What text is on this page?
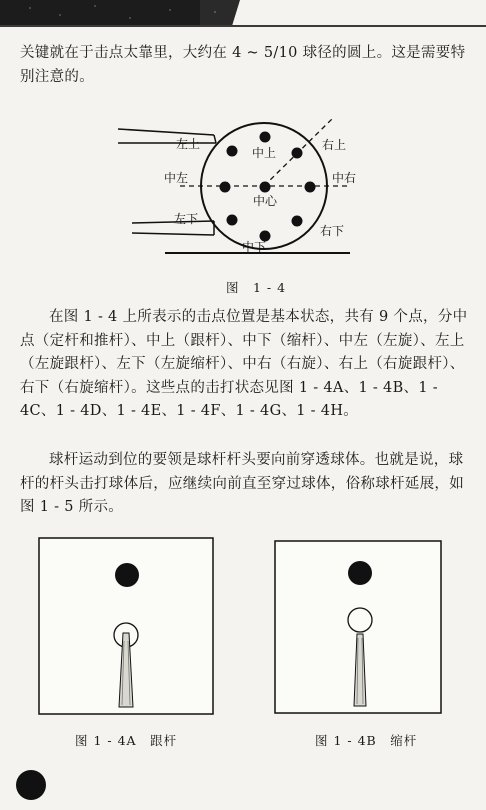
关键就在于击点太靠里，大约在 4 ~ 5/10 球径的圆上。这是需要特别注意的。
左上
中上
右上
中左
中心
中右
左下
中下
右下
图　1 - 4
在图 1 - 4 上所表示的击点位置是基本状态，共有 9 个点，分中点（定杆和推杆）、中上（跟杆）、中下（缩杆）、中左（左旋）、左上（左旋跟杆）、左下（左旋缩杆）、中右（右旋）、右上（右旋跟杆）、右下（右旋缩杆）。这些点的击打状态见图 1 - 4A、1 - 4B、1 - 4C、1 - 4D、1 - 4E、1 - 4F、1 - 4G、1 - 4H。
球杆运动到位的要领是球杆杆头要向前穿透球体。也就是说，球杆的杆头击打球体后，应继续向前直至穿过球体，俗称球杆延展，如图 1 - 5 所示。
图 1 - 4A　跟杆	图 1 - 4B　缩杆
